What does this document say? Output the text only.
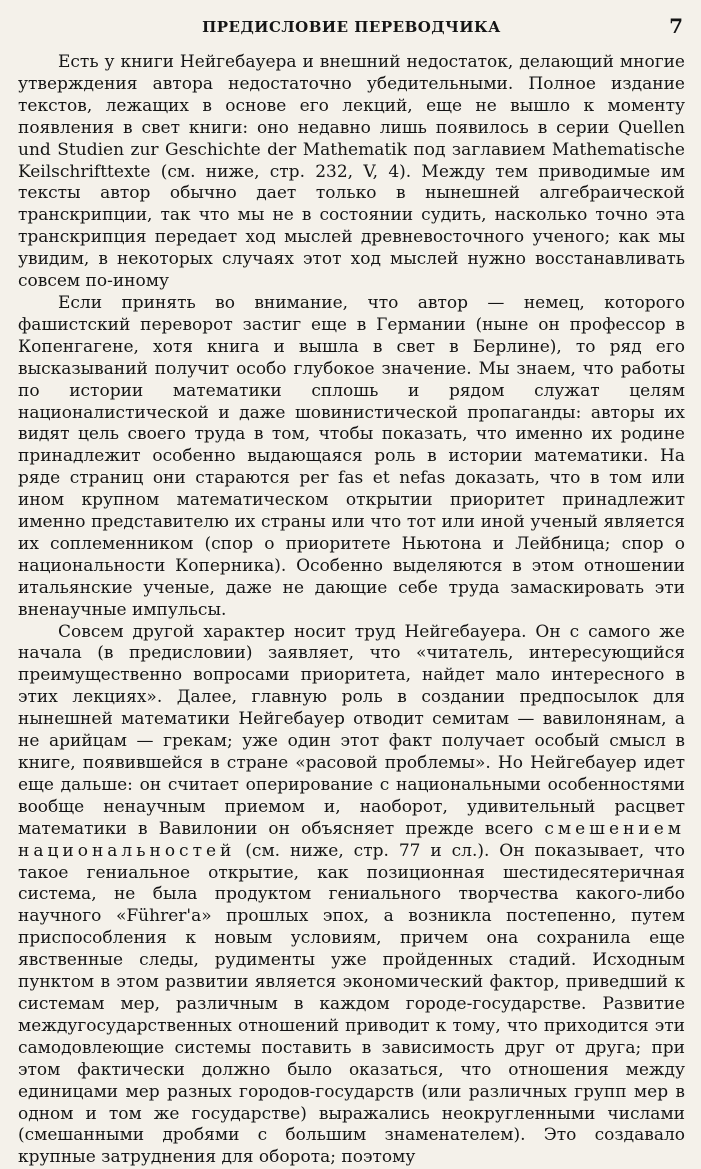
ПРЕДИСЛОВИЕ ПЕРЕВОДЧИКА	7

Есть у книги Нейгебауера и внешний недостаток, делающий многие утверждения автора недостаточно убедительными. Полное издание текстов, лежащих в основе его лекций, еще не вышло к моменту появления в свет книги: оно недавно лишь появилось в серии Quellen und Studien zur Geschichte der Mathematik под заглавием Mathematische Keilschrifttexte (см. ниже, стр. 232, V, 4). Между тем приводимые им тексты автор обычно дает только в нынешней алгебраической транскрипции, так что мы не в состоянии судить, насколько точно эта транскрипция передает ход мыслей древневосточного ученого; как мы увидим, в некоторых случаях этот ход мыслей нужно восстанавливать совсем по-иному

Если принять во внимание, что автор — немец, которого фашистский переворот застиг еще в Германии (ныне он профессор в Копенгагене, хотя книга и вышла в свет в Берлине), то ряд его высказываний получит особо глубокое значение. Мы знаем, что работы по истории математики сплошь и рядом служат целям националистической и даже шовинистической пропаганды: авторы их видят цель своего труда в том, чтобы показать, что именно их родине принадлежит особенно выдающаяся роль в истории математики. На ряде страниц они стараются per fas et nefas доказать, что в том или ином крупном математическом открытии приоритет принадлежит именно представителю их страны или что тот или иной ученый является их соплеменником (спор о приоритете Ньютона и Лейбница; спор о национальности Коперника). Особенно выделяются в этом отношении итальянские ученые, даже не дающие себе труда замаскировать эти вненаучные импульсы.

Совсем другой характер носит труд Нейгебауера. Он с самого же начала (в предисловии) заявляет, что «читатель, интересующийся преимущественно вопросами приоритета, найдет мало интересного в этих лекциях». Далее, главную роль в создании предпосылок для нынешней математики Нейгебауер отводит семитам — вавилонянам, а не арийцам — грекам; уже один этот факт получает особый смысл в книге, появившейся в стране «расовой проблемы». Но Нейгебауер идет еще дальше: он считает оперирование с национальными особенностями вообще ненаучным приемом и, наоборот, удивительный расцвет математики в Вавилонии он объясняет прежде всего смешением национальностей (см. ниже, стр. 77 и сл.). Он показывает, что такое гениальное открытие, как позиционная шестидесятеричная система, не была продуктом гениального творчества какого-либо научного «Führer'а» прошлых эпох, а возникла постепенно, путем приспособления к новым условиям, причем она сохранила еще явственные следы, рудименты уже пройденных стадий. Исходным пунктом в этом развитии является экономический фактор, приведший к системам мер, различным в каждом городе-государстве. Развитие междугосударственных отношений приводит к тому, что приходится эти самодовлеющие системы поставить в зависимость друг от друга; при этом фактически должно было оказаться, что отношения между единицами мер разных городов-государств (или различных групп мер в одном и том же государстве) выражались неокругленными числами (смешанными дробями с большим знаменателем). Это создавало крупные затруднения для оборота; поэтому
